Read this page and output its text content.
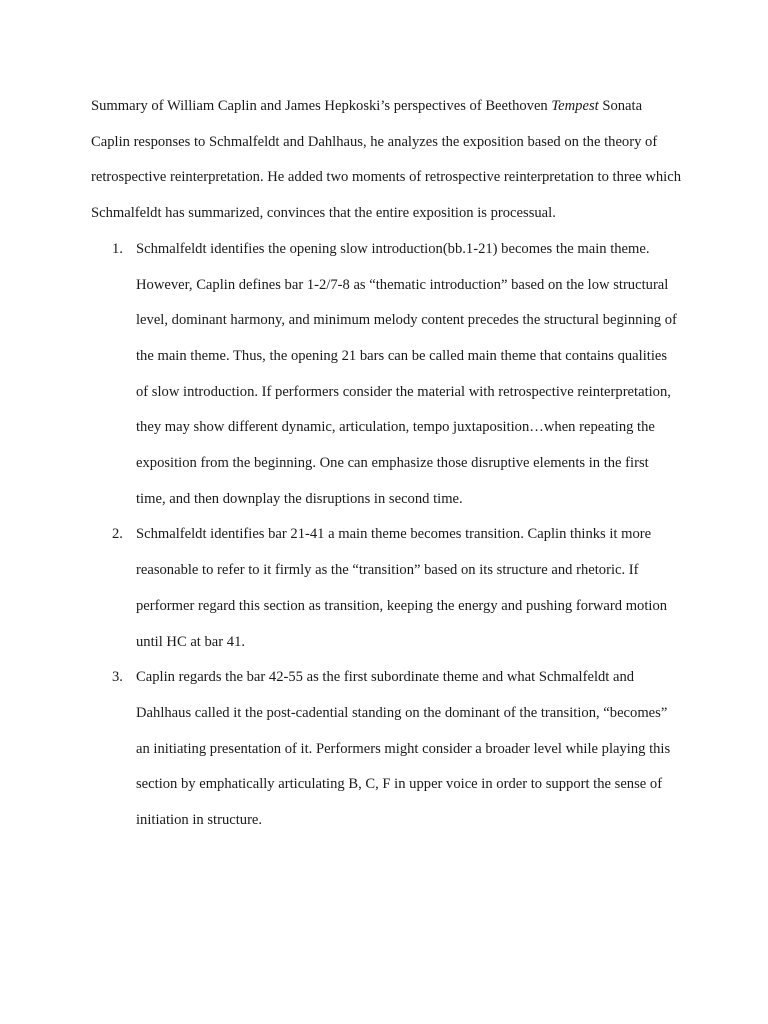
Summary of William Caplin and James Hepkoski’s perspectives of Beethoven Tempest Sonata

Caplin responses to Schmalfeldt and Dahlhaus, he analyzes the exposition based on the theory of retrospective reinterpretation. He added two moments of retrospective reinterpretation to three which Schmalfeldt has summarized, convinces that the entire exposition is processual.

1. Schmalfeldt identifies the opening slow introduction(bb.1-21) becomes the main theme. However, Caplin defines bar 1-2/7-8 as “thematic introduction” based on the low structural level, dominant harmony, and minimum melody content precedes the structural beginning of the main theme. Thus, the opening 21 bars can be called main theme that contains qualities of slow introduction. If performers consider the material with retrospective reinterpretation, they may show different dynamic, articulation, tempo juxtaposition…when repeating the exposition from the beginning. One can emphasize those disruptive elements in the first time, and then downplay the disruptions in second time.
2. Schmalfeldt identifies bar 21-41 a main theme becomes transition. Caplin thinks it more reasonable to refer to it firmly as the “transition” based on its structure and rhetoric. If performer regard this section as transition, keeping the energy and pushing forward motion until HC at bar 41.
3. Caplin regards the bar 42-55 as the first subordinate theme and what Schmalfeldt and Dahlhaus called it the post-cadential standing on the dominant of the transition, “becomes” an initiating presentation of it. Performers might consider a broader level while playing this section by emphatically articulating B, C, F in upper voice in order to support the sense of initiation in structure.
